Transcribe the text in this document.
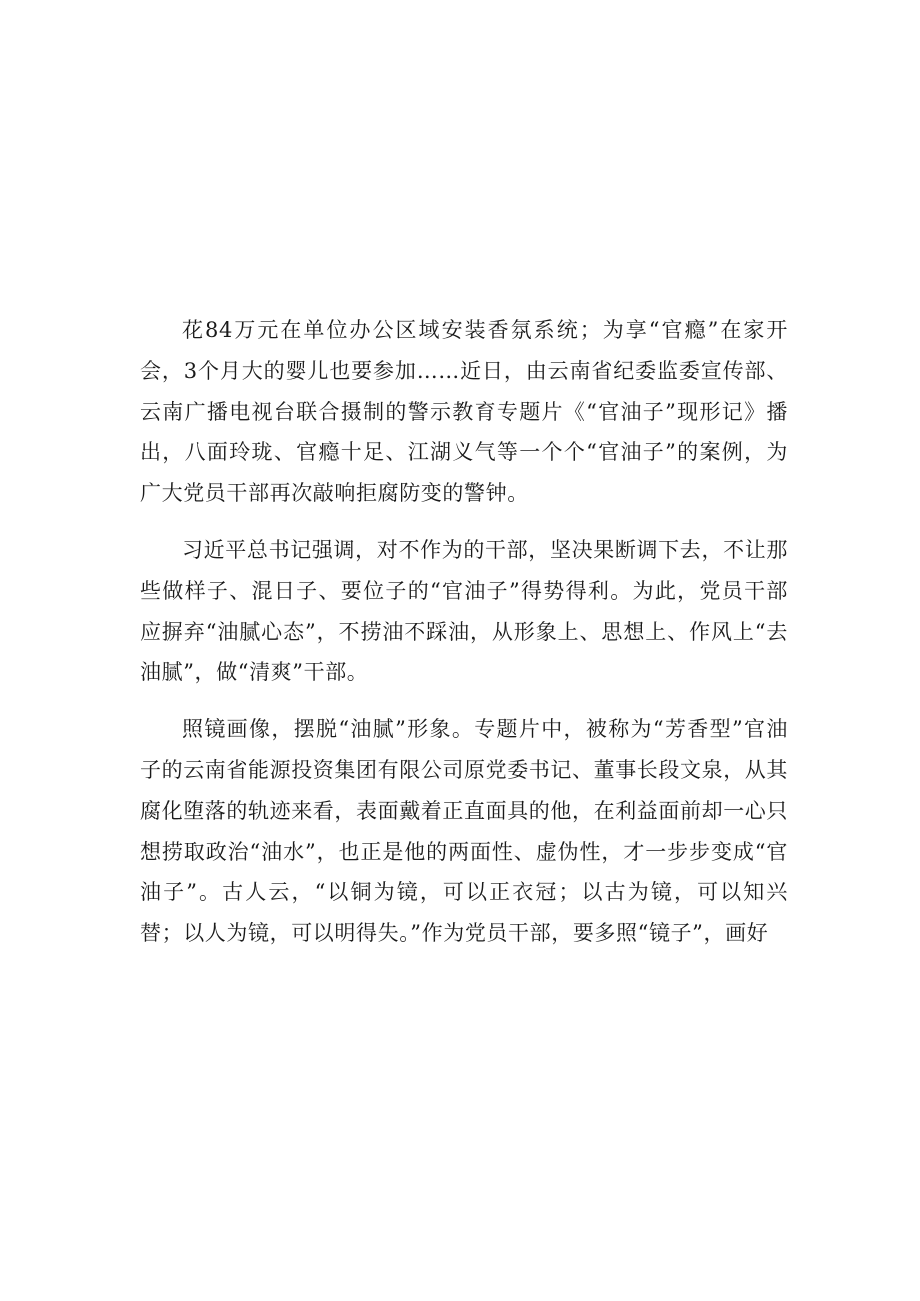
花84万元在单位办公区域安装香氛系统；为享“官瘾”在家开会，3个月大的婴儿也要参加……近日，由云南省纪委监委宣传部、云南广播电视台联合摄制的警示教育专题片《“官油子”现形记》播出，八面玲珑、官瘾十足、江湖义气等一个个“官油子”的案例，为广大党员干部再次敲响拒腐防变的警钟。

习近平总书记强调，对不作为的干部，坚决果断调下去，不让那些做样子、混日子、要位子的“官油子”得势得利。为此，党员干部应摒弃“油腻心态”，不捞油不踩油，从形象上、思想上、作风上“去油腻”，做“清爽”干部。

照镜画像，摆脱“油腻”形象。专题片中，被称为“芳香型”官油子的云南省能源投资集团有限公司原党委书记、董事长段文泉，从其腐化堕落的轨迹来看，表面戴着正直面具的他，在利益面前却一心只想捞取政治“油水”，也正是他的两面性、虚伪性，才一步步变成“官油子”。古人云，“以铜为镜，可以正衣冠；以古为镜，可以知兴替；以人为镜，可以明得失。”作为党员干部，要多照“镜子”，画好
